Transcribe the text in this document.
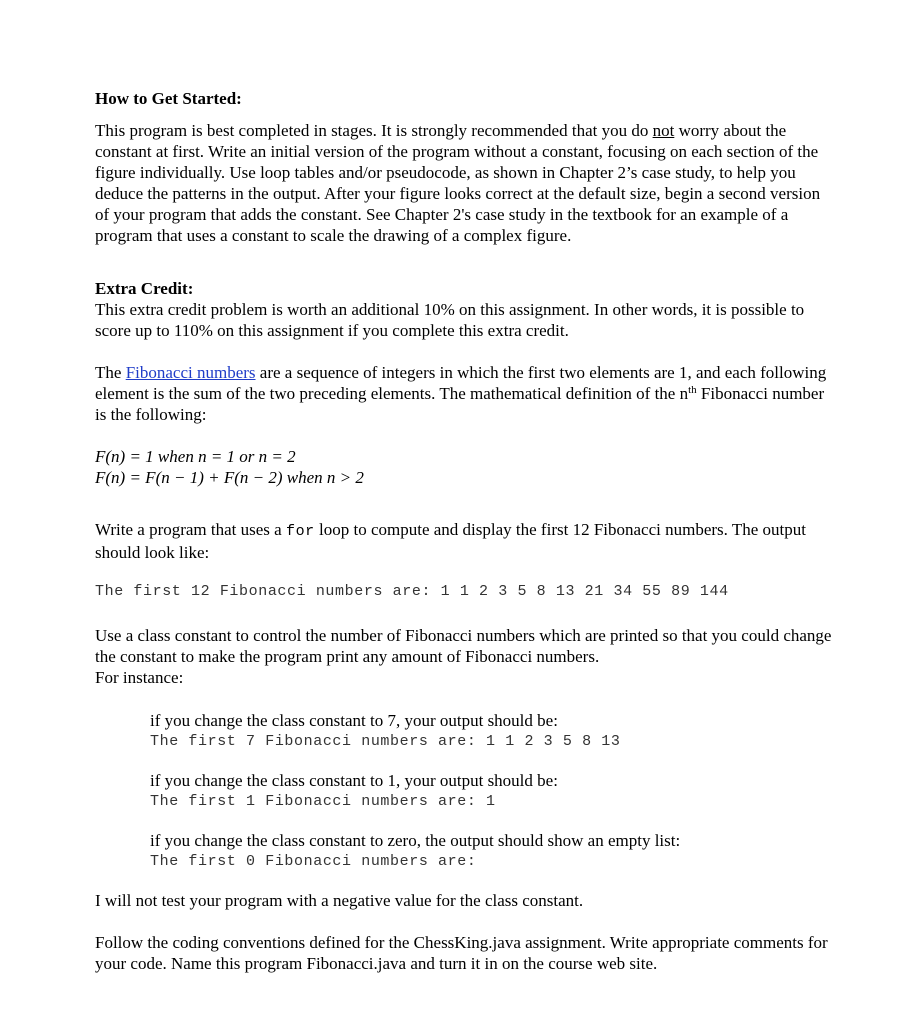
How to Get Started:

This program is best completed in stages. It is strongly recommended that you do not worry about the constant at first. Write an initial version of the program without a constant, focusing on each section of the figure individually. Use loop tables and/or pseudocode, as shown in Chapter 2’s case study, to help you deduce the patterns in the output. After your figure looks correct at the default size, begin a second version of your program that adds the constant. See Chapter 2's case study in the textbook for an example of a program that uses a constant to scale the drawing of a complex figure.

Extra Credit:

This extra credit problem is worth an additional 10% on this assignment. In other words, it is possible to score up to 110% on this assignment if you complete this extra credit.

The Fibonacci numbers are a sequence of integers in which the first two elements are 1, and each following element is the sum of the two preceding elements. The mathematical definition of the $n^{th}$ Fibonacci number is the following:

F(n) = 1 when n = 1 or n = 2

F(n) = F(n − 1) + F(n − 2) when n > 2

Write a program that uses a for loop to compute and display the first 12 Fibonacci numbers. The output should look like:

The first 12 Fibonacci numbers are: 1 1 2 3 5 8 13 21 34 55 89 144

Use a class constant to control the number of Fibonacci numbers which are printed so that you could change the constant to make the program print any amount of Fibonacci numbers.

For instance:

if you change the class constant to 7, your output should be:

The first 7 Fibonacci numbers are: 1 1 2 3 5 8 13

if you change the class constant to 1, your output should be:

The first 1 Fibonacci numbers are: 1

if you change the class constant to zero, the output should show an empty list:

The first 0 Fibonacci numbers are:

I will not test your program with a negative value for the class constant.

Follow the coding conventions defined for the ChessKing.java assignment. Write appropriate comments for your code. Name this program Fibonacci.java and turn it in on the course web site.
